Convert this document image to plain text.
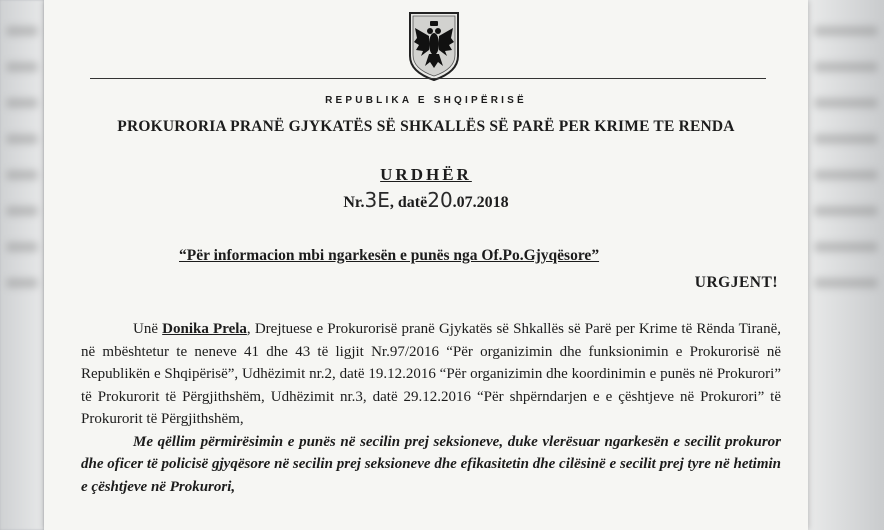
REPUBLIKA E SHQIPËRISË
PROKURORIA PRANË GJYKATËS SË SHKALLËS SË PARË PER KRIME TE RENDA
URDHËR
Nr.3E, datë20.07.2018
“Për informacion mbi ngarkesën e punës nga Of.Po.Gjyqësore”
URGJENT!

Unë Donika Prela, Drejtuese e Prokurorisë pranë Gjykatës së Shkallës së Parë per Krime të Rënda Tiranë, në mbështetur te neneve 41 dhe 43 të ligjit Nr.97/2016 “Për organizimin dhe funksionimin e Prokurorisë në Republikën e Shqipërisë”, Udhëzimit nr.2, datë 19.12.2016 “Për organizimin dhe koordinimin e punës në Prokurori” të Prokurorit të Përgjithshëm, Udhëzimit nr.3, datë 29.12.2016 “Për shpërndarjen e e çështjeve në Prokurori” të Prokurorit të Përgjithshëm,

Me qëllim përmirësimin e punës në secilin prej seksioneve, duke vlerësuar ngarkesën e secilit prokuror dhe oficer të policisë gjyqësore në secilin prej seksioneve dhe efikasitetin dhe cilësinë e secilit prej tyre në hetimin e çështjeve në Prokurori,
